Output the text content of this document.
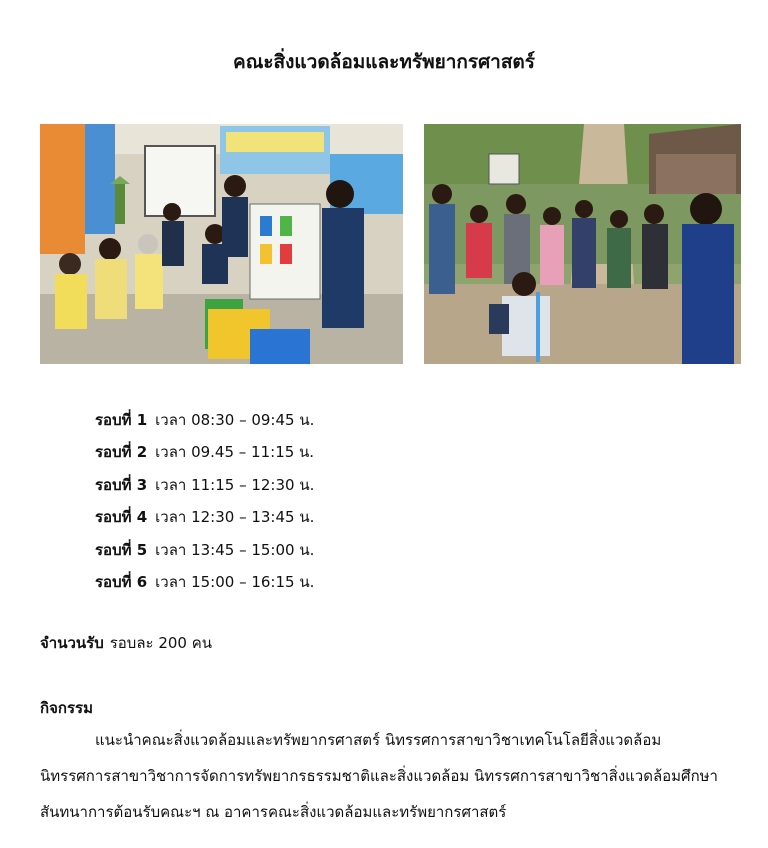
คณะสิ่งแวดล้อมและทรัพยากรศาสตร์
รอบที่ 1 เวลา 08:30 – 09:45 น.
รอบที่ 2 เวลา 09.45 – 11:15 น.
รอบที่ 3 เวลา 11:15 – 12:30 น.
รอบที่ 4 เวลา 12:30 – 13:45 น.
รอบที่ 5 เวลา 13:45 – 15:00 น.
รอบที่ 6 เวลา 15:00 – 16:15 น.
จำนวนรับ รอบละ 200 คน
กิจกรรม

แนะนำคณะสิ่งแวดล้อมและทรัพยากรศาสตร์ นิทรรศการสาขาวิชาเทคโนโลยีสิ่งแวดล้อม

นิทรรศการสาขาวิชาการจัดการทรัพยากรธรรมชาติและสิ่งแวดล้อม นิทรรศการสาขาวิชาสิ่งแวดล้อมศึกษา

สันทนาการต้อนรับคณะฯ ณ อาคารคณะสิ่งแวดล้อมและทรัพยากรศาสตร์
